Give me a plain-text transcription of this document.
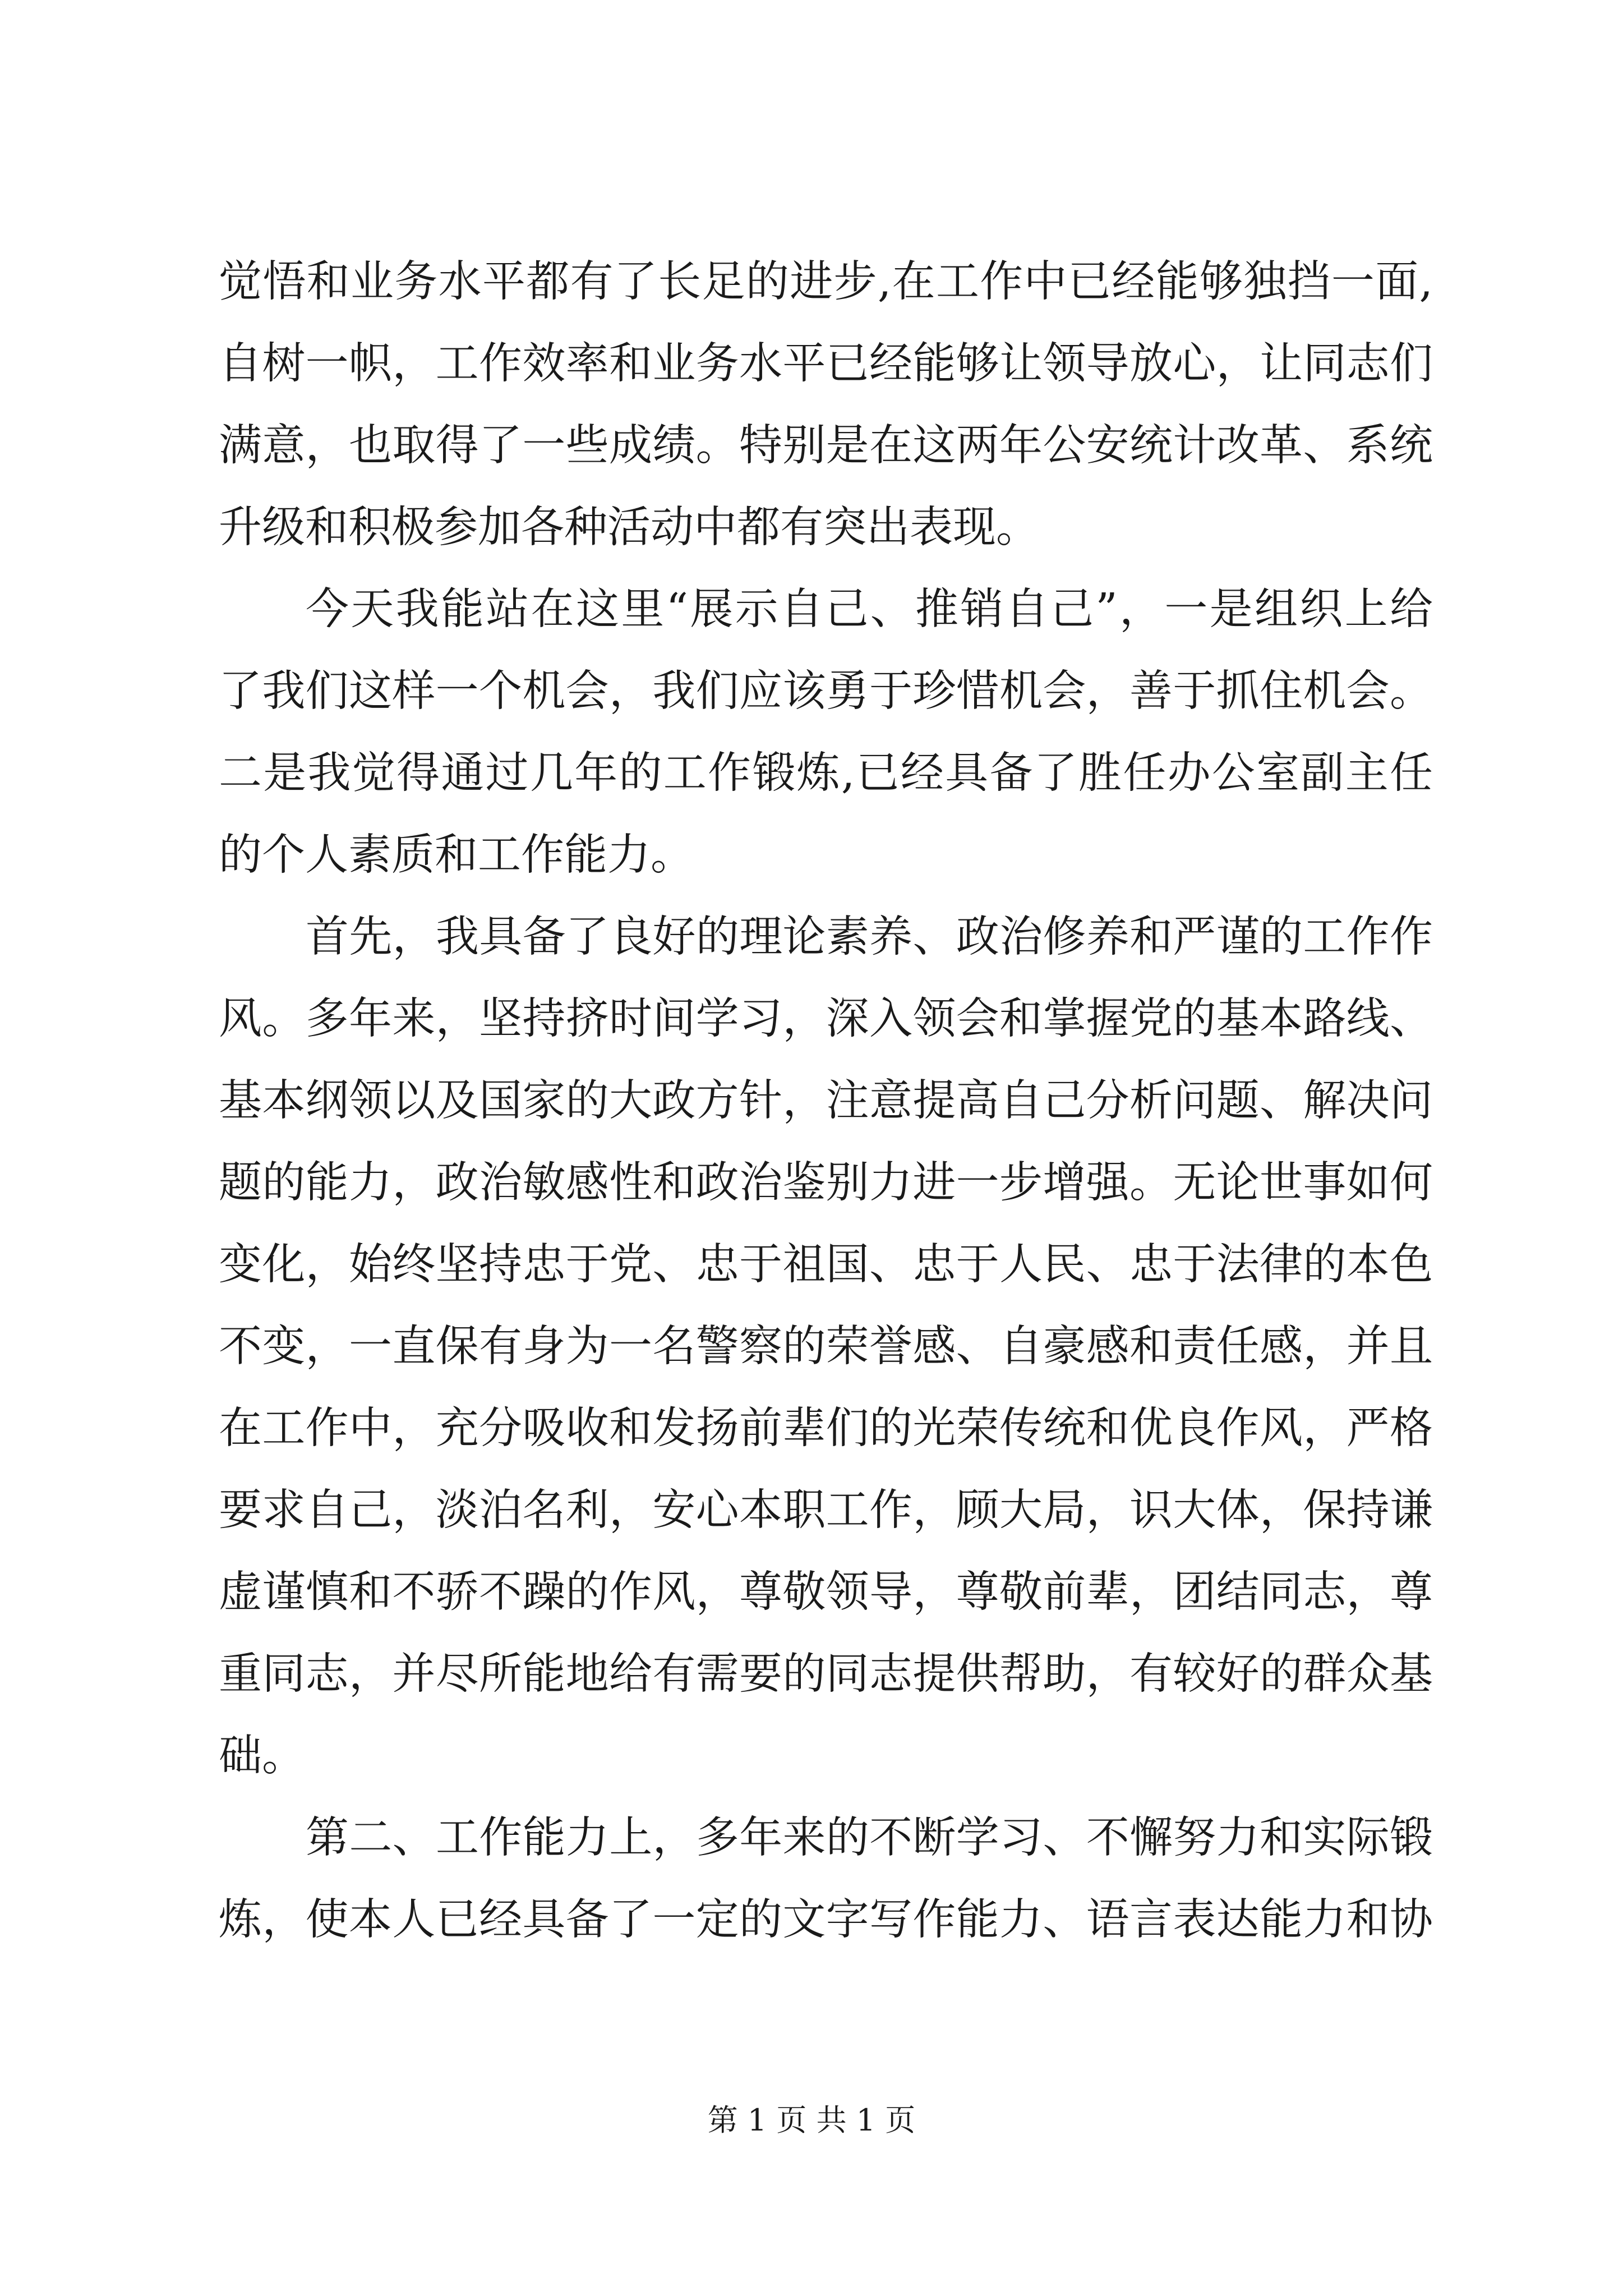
觉悟和业务水平都有了长足的进步,在工作中已经能够独挡一面,
自树一帜，工作效率和业务水平已经能够让领导放心，让同志们
满意，也取得了一些成绩。特别是在这两年公安统计改革、系统
升级和积极参加各种活动中都有突出表现。
今天我能站在这里“展示自己、推销自己”，一是组织上给
了我们这样一个机会，我们应该勇于珍惜机会，善于抓住机会。
二是我觉得通过几年的工作锻炼,已经具备了胜任办公室副主任
的个人素质和工作能力。
首先，我具备了良好的理论素养、政治修养和严谨的工作作
风。多年来，坚持挤时间学习，深入领会和掌握党的基本路线、
基本纲领以及国家的大政方针，注意提高自己分析问题、解决问
题的能力，政治敏感性和政治鉴别力进一步增强。无论世事如何
变化，始终坚持忠于党、忠于祖国、忠于人民、忠于法律的本色
不变，一直保有身为一名警察的荣誉感、自豪感和责任感，并且
在工作中，充分吸收和发扬前辈们的光荣传统和优良作风，严格
要求自己，淡泊名利，安心本职工作，顾大局，识大体，保持谦
虚谨慎和不骄不躁的作风，尊敬领导，尊敬前辈，团结同志，尊
重同志，并尽所能地给有需要的同志提供帮助，有较好的群众基
础。
第二、工作能力上，多年来的不断学习、不懈努力和实际锻
炼，使本人已经具备了一定的文字写作能力、语言表达能力和协
第 1 页 共 1 页
